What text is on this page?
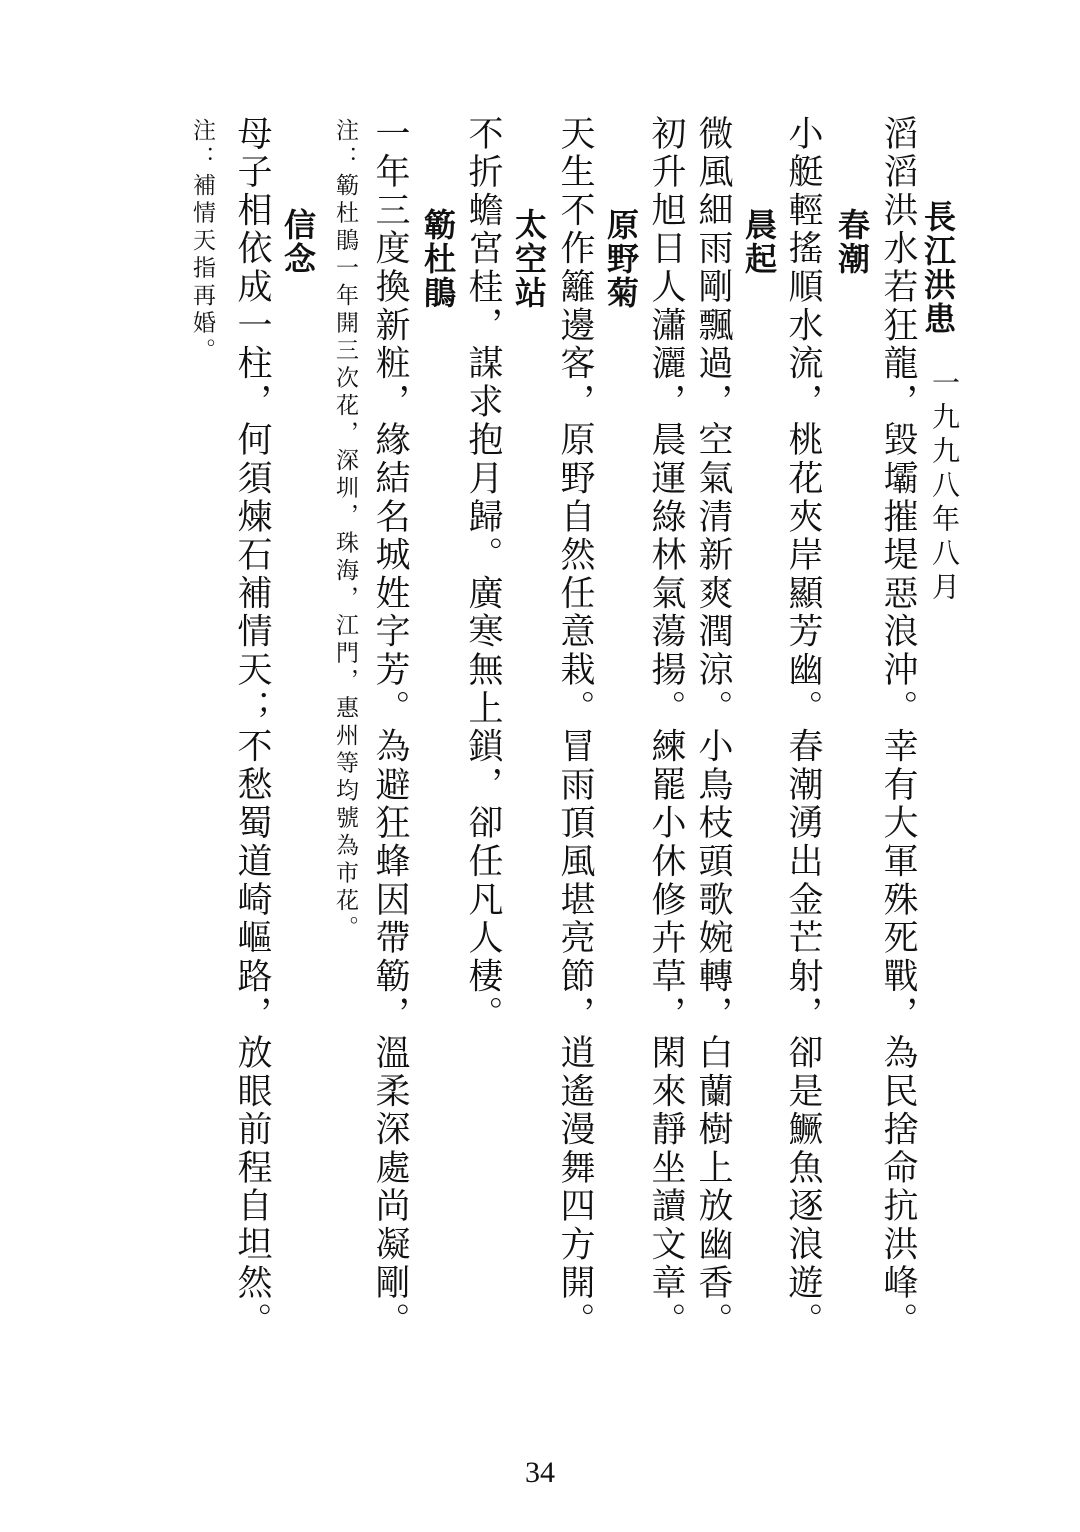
長江洪患
一九九八年八月
滔滔洪水若狂龍，毀壩摧堤惡浪沖。幸有大軍殊死戰，為民捨命抗洪峰。
春潮
小艇輕搖順水流，桃花夾岸顯芳幽。春潮湧出金芒射，卻是鱖魚逐浪遊。
晨起
微風細雨剛飄過，空氣清新爽潤涼。小鳥枝頭歌婉轉，白蘭樹上放幽香。
初升旭日人瀟灑，晨運綠林氣蕩揚。練罷小休修卉草，閑來靜坐讀文章。
原野菊
天生不作籬邊客，原野自然任意栽。冒雨頂風堪亮節，逍遙漫舞四方開。
太空站
不折蟾宮桂，謀求抱月歸。廣寒無上鎖，卻任凡人棲。
簕杜鵑
一年三度換新粧，緣結名城姓字芳。為避狂蜂因帶簕，溫柔深處尚凝剛。
注：簕杜鵑一年開三次花，深圳，珠海，江門，惠州等均號為市花。
信念
母子相依成一柱，何須煉石補情天；不愁蜀道崎嶇路，放眼前程自坦然。
注：補情天指再婚。
34
